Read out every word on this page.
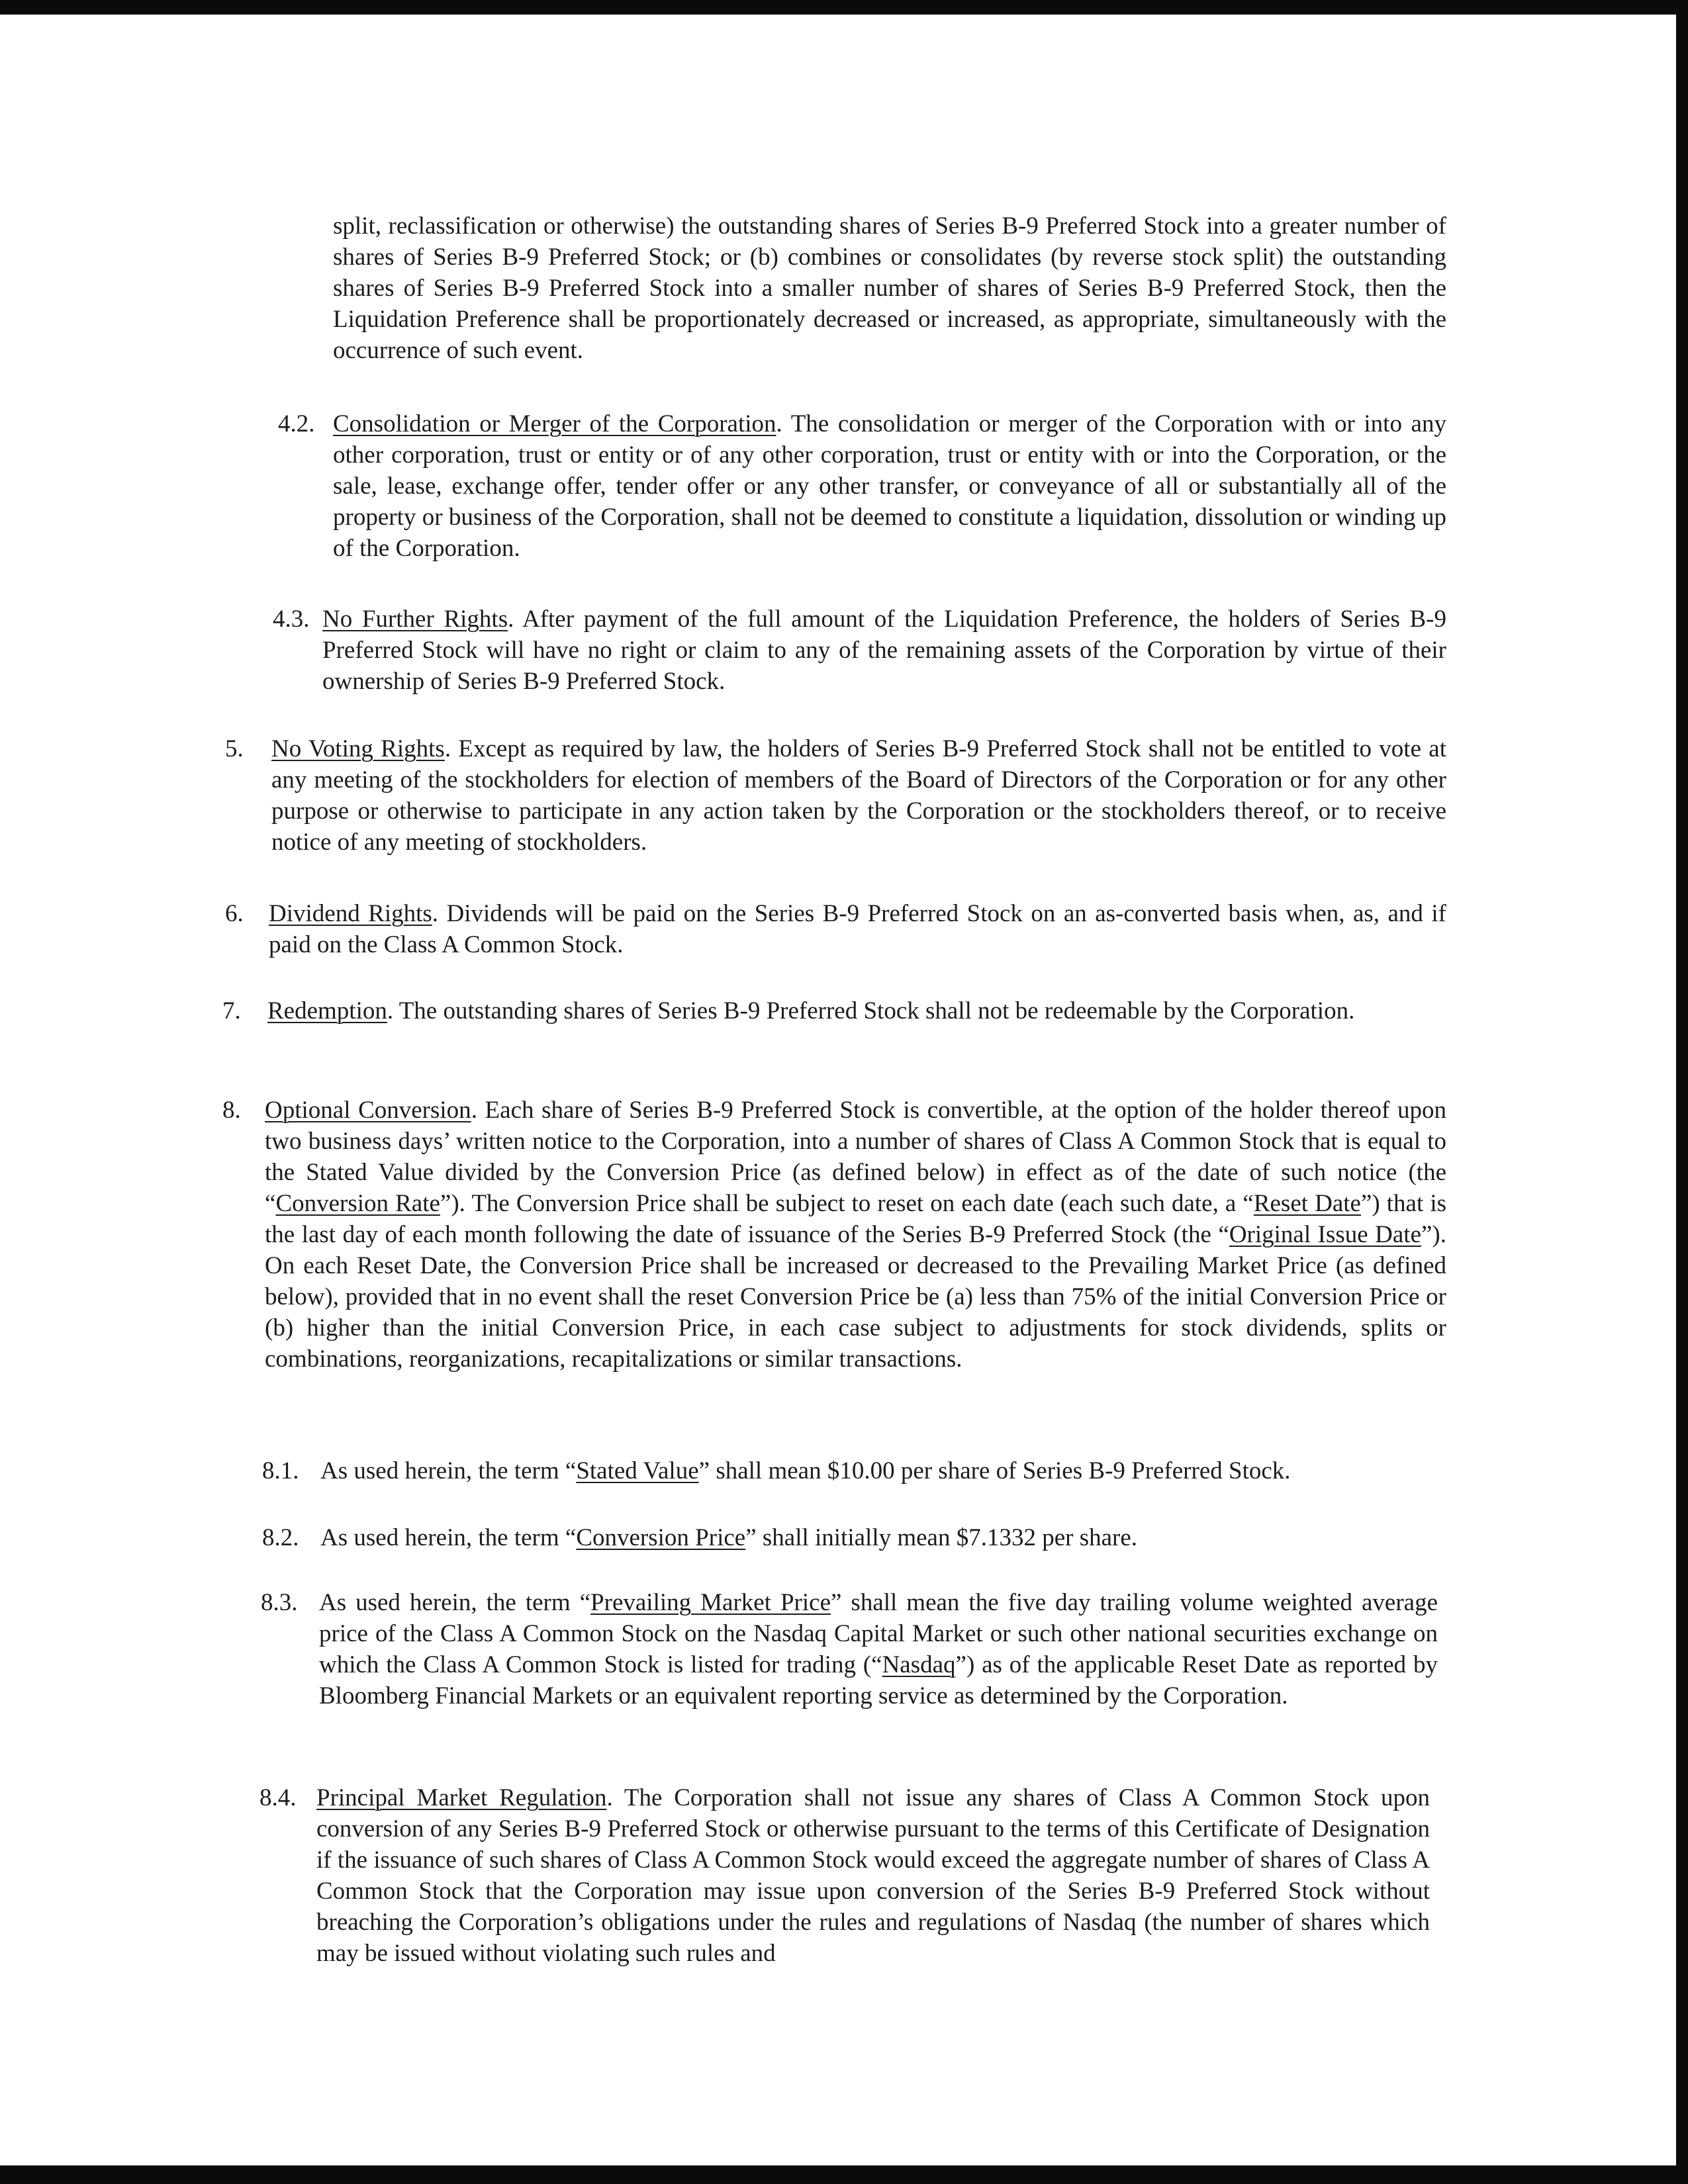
split, reclassification or otherwise) the outstanding shares of Series B-9 Preferred Stock into a greater number of shares of Series B-9 Preferred Stock; or (b) combines or consolidates (by reverse stock split) the outstanding shares of Series B-9 Preferred Stock into a smaller number of shares of Series B-9 Preferred Stock, then the Liquidation Preference shall be proportionately decreased or increased, as appropriate, simultaneously with the occurrence of such event.
4.2. Consolidation or Merger of the Corporation. The consolidation or merger of the Corporation with or into any other corporation, trust or entity or of any other corporation, trust or entity with or into the Corporation, or the sale, lease, exchange offer, tender offer or any other transfer, or conveyance of all or substantially all of the property or business of the Corporation, shall not be deemed to constitute a liquidation, dissolution or winding up of the Corporation.
4.3. No Further Rights. After payment of the full amount of the Liquidation Preference, the holders of Series B-9 Preferred Stock will have no right or claim to any of the remaining assets of the Corporation by virtue of their ownership of Series B-9 Preferred Stock.
5. No Voting Rights. Except as required by law, the holders of Series B-9 Preferred Stock shall not be entitled to vote at any meeting of the stockholders for election of members of the Board of Directors of the Corporation or for any other purpose or otherwise to participate in any action taken by the Corporation or the stockholders thereof, or to receive notice of any meeting of stockholders.
6. Dividend Rights. Dividends will be paid on the Series B-9 Preferred Stock on an as-converted basis when, as, and if paid on the Class A Common Stock.
7. Redemption. The outstanding shares of Series B-9 Preferred Stock shall not be redeemable by the Corporation.
8. Optional Conversion. Each share of Series B-9 Preferred Stock is convertible, at the option of the holder thereof upon two business days’ written notice to the Corporation, into a number of shares of Class A Common Stock that is equal to the Stated Value divided by the Conversion Price (as defined below) in effect as of the date of such notice (the “Conversion Rate”). The Conversion Price shall be subject to reset on each date (each such date, a “Reset Date”) that is the last day of each month following the date of issuance of the Series B-9 Preferred Stock (the “Original Issue Date”). On each Reset Date, the Conversion Price shall be increased or decreased to the Prevailing Market Price (as defined below), provided that in no event shall the reset Conversion Price be (a) less than 75% of the initial Conversion Price or (b) higher than the initial Conversion Price, in each case subject to adjustments for stock dividends, splits or combinations, reorganizations, recapitalizations or similar transactions.
8.1. As used herein, the term “Stated Value” shall mean $10.00 per share of Series B-9 Preferred Stock.
8.2. As used herein, the term “Conversion Price” shall initially mean $7.1332 per share.
8.3. As used herein, the term “Prevailing Market Price” shall mean the five day trailing volume weighted average price of the Class A Common Stock on the Nasdaq Capital Market or such other national securities exchange on which the Class A Common Stock is listed for trading (“Nasdaq”) as of the applicable Reset Date as reported by Bloomberg Financial Markets or an equivalent reporting service as determined by the Corporation.
8.4. Principal Market Regulation. The Corporation shall not issue any shares of Class A Common Stock upon conversion of any Series B-9 Preferred Stock or otherwise pursuant to the terms of this Certificate of Designation if the issuance of such shares of Class A Common Stock would exceed the aggregate number of shares of Class A Common Stock that the Corporation may issue upon conversion of the Series B-9 Preferred Stock without breaching the Corporation’s obligations under the rules and regulations of Nasdaq (the number of shares which may be issued without violating such rules and
